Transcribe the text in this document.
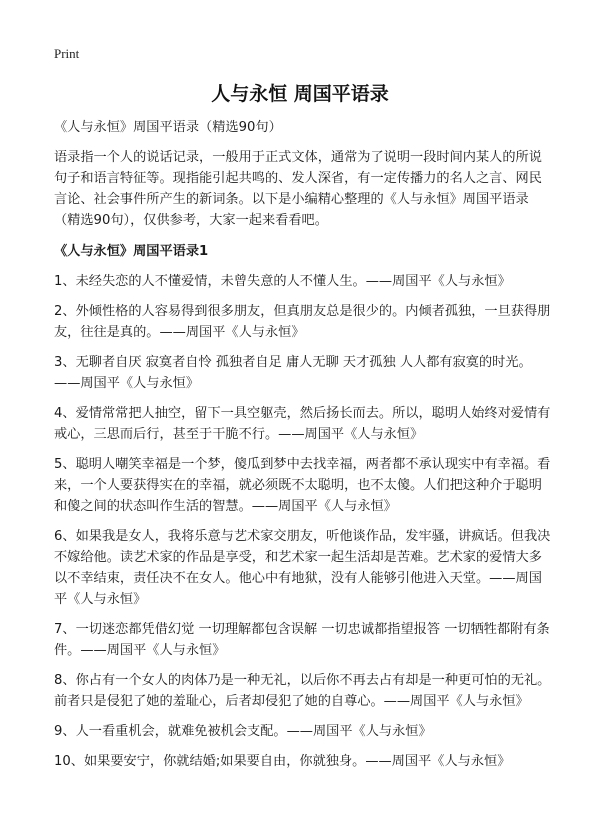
Print
人与永恒 周国平语录

《人与永恒》周国平语录（精选90句）

语录指一个人的说话记录，一般用于正式文体，通常为了说明一段时间内某人的所说句子和语言特征等。现指能引起共鸣的、发人深省，有一定传播力的名人之言、网民言论、社会事件所产生的新词条。以下是小编精心整理的《人与永恒》周国平语录（精选90句），仅供参考，大家一起来看看吧。

《人与永恒》周国平语录1

1、未经失恋的人不懂爱情，未曾失意的人不懂人生。——周国平《人与永恒》

2、外倾性格的人容易得到很多朋友，但真朋友总是很少的。内倾者孤独，一旦获得朋友，往往是真的。——周国平《人与永恒》

3、无聊者自厌 寂寞者自怜 孤独者自足 庸人无聊 天才孤独 人人都有寂寞的时光。——周国平《人与永恒》

4、爱情常常把人抽空，留下一具空躯壳，然后扬长而去。所以，聪明人始终对爱情有戒心，三思而后行，甚至于干脆不行。——周国平《人与永恒》

5、聪明人嘲笑幸福是一个梦，傻瓜到梦中去找幸福，两者都不承认现实中有幸福。看来，一个人要获得实在的幸福，就必须既不太聪明，也不太傻。人们把这种介于聪明和傻之间的状态叫作生活的智慧。——周国平《人与永恒》

6、如果我是女人，我将乐意与艺术家交朋友，听他谈作品，发牢骚，讲疯话。但我决不嫁给他。读艺术家的作品是享受，和艺术家一起生活却是苦难。艺术家的爱情大多以不幸结束，责任决不在女人。他心中有地狱，没有人能够引他进入天堂。——周国平《人与永恒》

7、一切迷恋都凭借幻觉 一切理解都包含误解 一切忠诚都指望报答 一切牺牲都附有条件。——周国平《人与永恒》

8、你占有一个女人的肉体乃是一种无礼，以后你不再去占有却是一种更可怕的无礼。前者只是侵犯了她的羞耻心，后者却侵犯了她的自尊心。——周国平《人与永恒》

9、人一看重机会，就难免被机会支配。——周国平《人与永恒》

10、如果要安宁，你就结婚;如果要自由，你就独身。——周国平《人与永恒》
